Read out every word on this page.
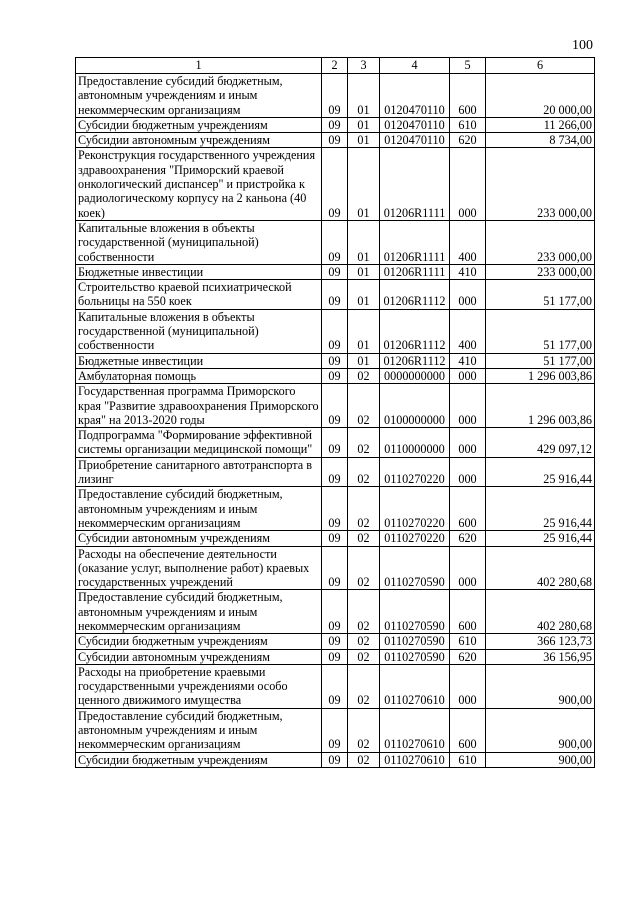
100
1	2	3	4	5	6
Предоставление субсидий бюджетным, автономным учреждениям и иным некоммерческим организациям	09	01	0120470110	600	20 000,00
Субсидии бюджетным учреждениям	09	01	0120470110	610	11 266,00
Субсидии автономным учреждениям	09	01	0120470110	620	8 734,00
Реконструкция государственного учреждения здравоохранения "Приморский краевой онкологический диспансер" и пристройка к радиологическому корпусу на 2 каньона (40 коек)	09	01	01206R1111	000	233 000,00
Капитальные вложения в объекты государственной (муниципальной) собственности	09	01	01206R1111	400	233 000,00
Бюджетные инвестиции	09	01	01206R1111	410	233 000,00
Строительство краевой психиатрической больницы на 550 коек	09	01	01206R1112	000	51 177,00
Капитальные вложения в объекты государственной (муниципальной) собственности	09	01	01206R1112	400	51 177,00
Бюджетные инвестиции	09	01	01206R1112	410	51 177,00
Амбулаторная помощь	09	02	0000000000	000	1 296 003,86
Государственная программа Приморского края "Развитие здравоохранения Приморского края" на 2013-2020 годы	09	02	0100000000	000	1 296 003,86
Подпрограмма "Формирование эффективной системы организации медицинской помощи"	09	02	0110000000	000	429 097,12
Приобретение санитарного автотранспорта в лизинг	09	02	0110270220	000	25 916,44
Предоставление субсидий бюджетным, автономным учреждениям и иным некоммерческим организациям	09	02	0110270220	600	25 916,44
Субсидии автономным учреждениям	09	02	0110270220	620	25 916,44
Расходы на обеспечение деятельности (оказание услуг, выполнение работ) краевых государственных учреждений	09	02	0110270590	000	402 280,68
Предоставление субсидий бюджетным, автономным учреждениям и иным некоммерческим организациям	09	02	0110270590	600	402 280,68
Субсидии бюджетным учреждениям	09	02	0110270590	610	366 123,73
Субсидии автономным учреждениям	09	02	0110270590	620	36 156,95
Расходы на приобретение краевыми государственными учреждениями особо ценного движимого имущества	09	02	0110270610	000	900,00
Предоставление субсидий бюджетным, автономным учреждениям и иным некоммерческим организациям	09	02	0110270610	600	900,00
Субсидии бюджетным учреждениям	09	02	0110270610	610	900,00
